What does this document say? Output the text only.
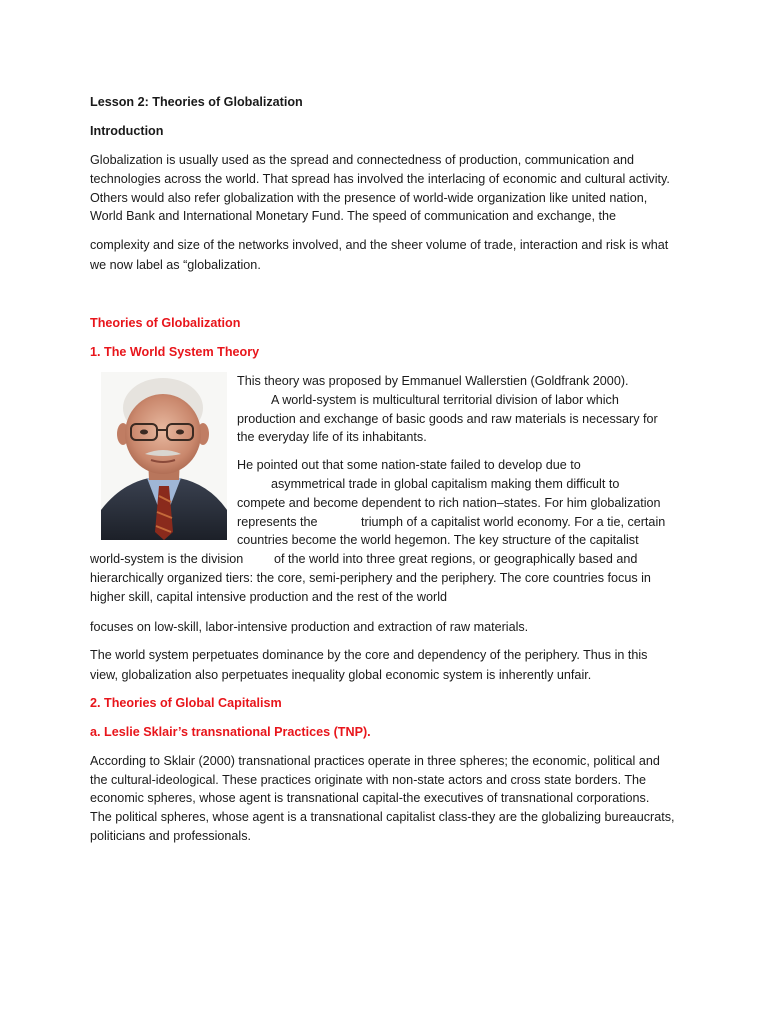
Lesson 2: Theories of Globalization
Introduction
Globalization is usually used as the spread and connectedness of production, communication and
technologies across the world. That spread has involved the interlacing of economic and cultural activity.
Others would also refer globalization with the presence of world-wide organization like united nation,
World Bank and International Monetary Fund. The speed of communication and exchange, the
complexity and size of the networks involved, and the sheer volume of trade, interaction and risk is what
we now label as “globalization.
Theories of Globalization
1. The World System Theory
This theory was proposed by Emmanuel Wallerstien (Goldfrank 2000).
A world-system is multicultural territorial division of labor which
production and exchange of basic goods and raw materials is necessary for
the everyday life of its inhabitants.
He pointed out that some nation-state failed to develop due to
asymmetrical trade in global capitalism making them difficult to
compete and become dependent to rich nation–states. For him globalization
represents the	triumph of a capitalist world economy. For a tie, certain
countries become the world hegemon. The key structure of the capitalist
world-system is the division of the world into three great regions, or geographically based and
hierarchically organized tiers: the core, semi-periphery and the periphery. The core countries focus in
higher skill, capital intensive production and the rest of the world
focuses on low-skill, labor-intensive production and extraction of raw materials.
The world system perpetuates dominance by the core and dependency of the periphery. Thus in this
view, globalization also perpetuates inequality global economic system is inherently unfair.
2. Theories of Global Capitalism
a. Leslie Sklair’s transnational Practices (TNP).
According to Sklair (2000) transnational practices operate in three spheres; the economic, political and
the cultural-ideological. These practices originate with non-state actors and cross state borders. The
economic spheres, whose agent is transnational capital-the executives of transnational corporations.
The political spheres, whose agent is a transnational capitalist class-they are the globalizing bureaucrats,
politicians and professionals.
